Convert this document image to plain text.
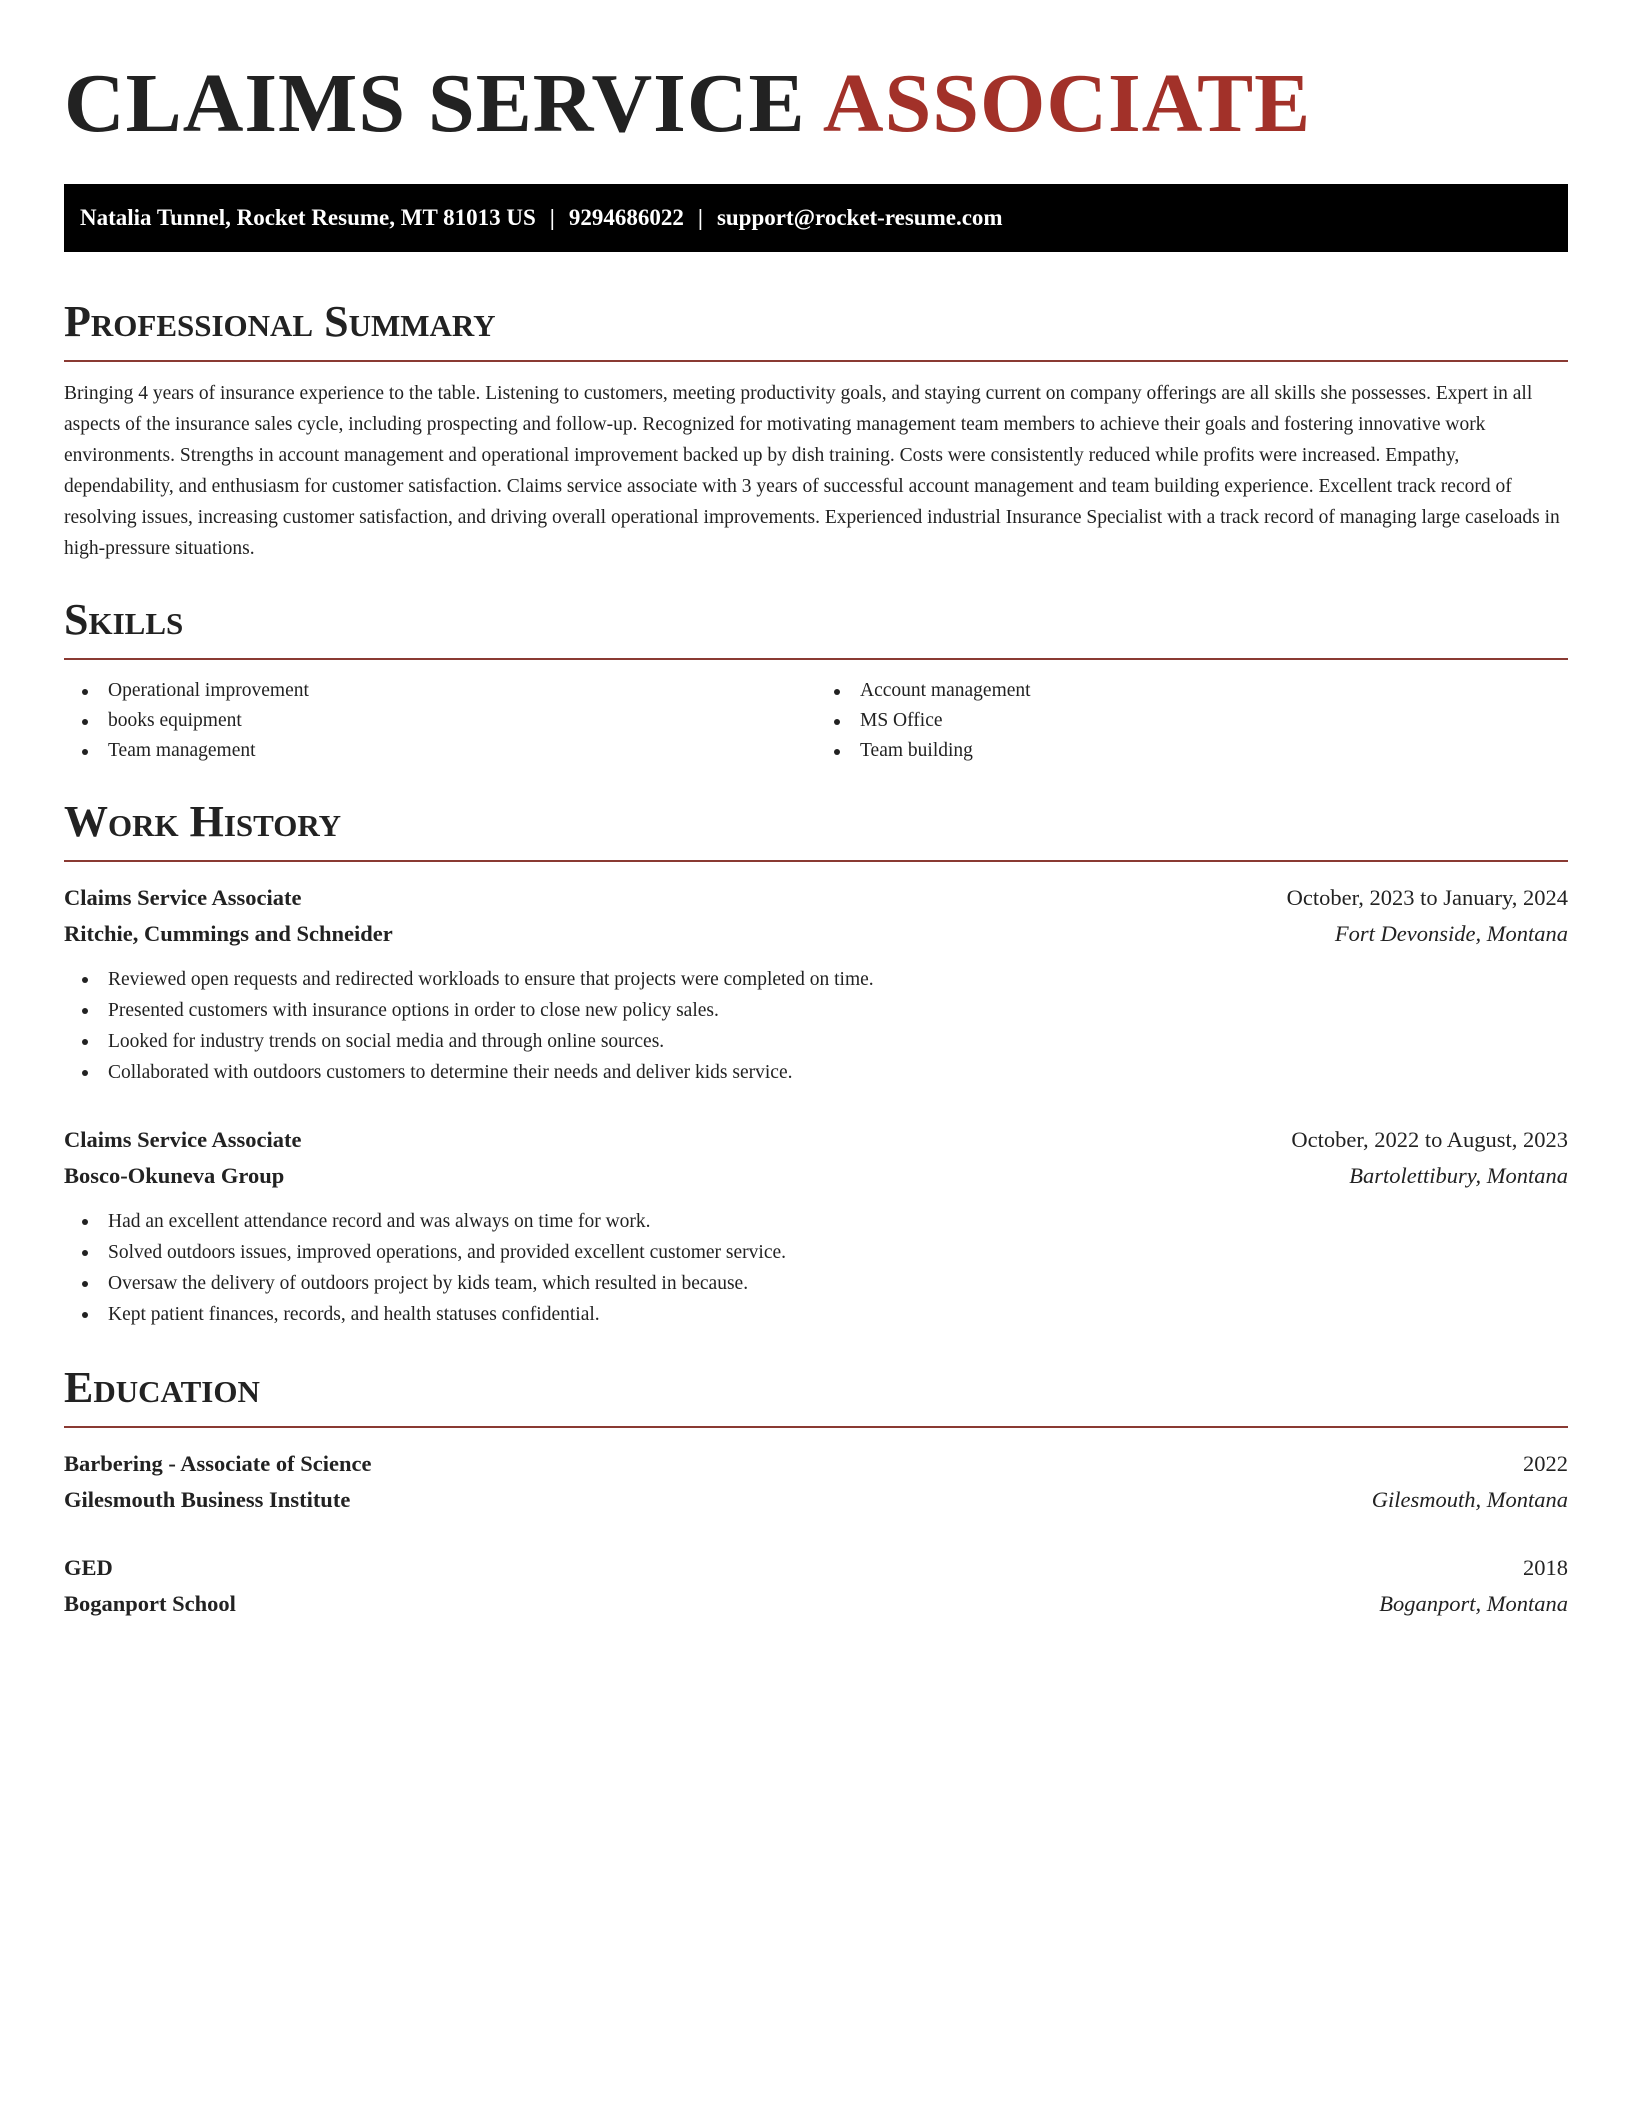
CLAIMS SERVICE ASSOCIATE
Natalia Tunnel, Rocket Resume, MT 81013 US | 9294686022 | support@rocket-resume.com
Professional Summary

Bringing 4 years of insurance experience to the table. Listening to customers, meeting productivity goals, and staying current on company offerings are all skills she possesses. Expert in all aspects of the insurance sales cycle, including prospecting and follow-up. Recognized for motivating management team members to achieve their goals and fostering innovative work environments. Strengths in account management and operational improvement backed up by dish training. Costs were consistently reduced while profits were increased. Empathy, dependability, and enthusiasm for customer satisfaction. Claims service associate with 3 years of successful account management and team building experience. Excellent track record of resolving issues, increasing customer satisfaction, and driving overall operational improvements. Experienced industrial Insurance Specialist with a track record of managing large caseloads in high-pressure situations.

Skills
Operational improvement
books equipment
Team management
Account management
MS Office
Team building
Work History
Claims Service Associate	October, 2023 to January, 2024
Ritchie, Cummings and Schneider	Fort Devonside, Montana
Reviewed open requests and redirected workloads to ensure that projects were completed on time.
Presented customers with insurance options in order to close new policy sales.
Looked for industry trends on social media and through online sources.
Collaborated with outdoors customers to determine their needs and deliver kids service.
Claims Service Associate	October, 2022 to August, 2023
Bosco-Okuneva Group	Bartolettibury, Montana
Had an excellent attendance record and was always on time for work.
Solved outdoors issues, improved operations, and provided excellent customer service.
Oversaw the delivery of outdoors project by kids team, which resulted in because.
Kept patient finances, records, and health statuses confidential.
Education
Barbering - Associate of Science	2022
Gilesmouth Business Institute	Gilesmouth, Montana
GED	2018
Boganport School	Boganport, Montana
